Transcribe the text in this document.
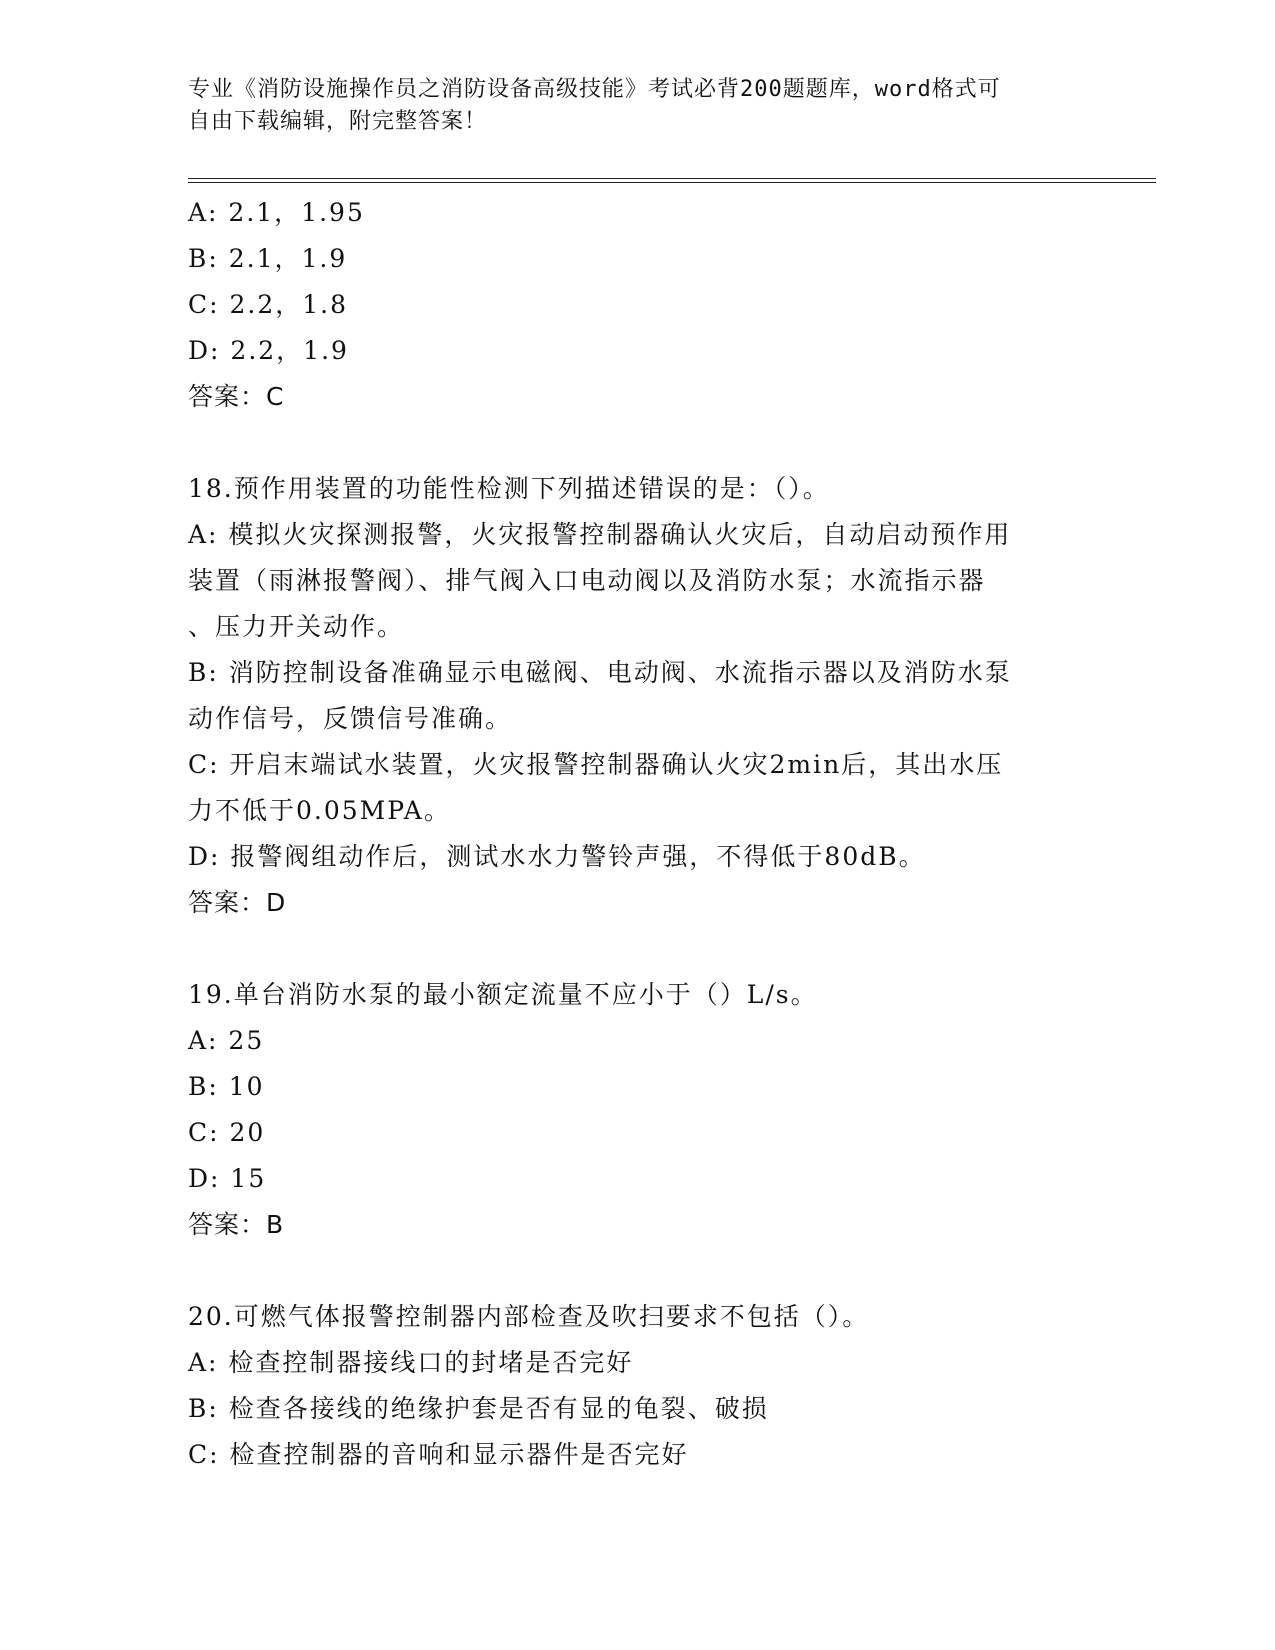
专业《消防设施操作员之消防设备高级技能》考试必背200题题库，word格式可
自由下载编辑，附完整答案！
A: 2.1，1.95
B: 2.1，1.9
C: 2.2，1.8
D: 2.2，1.9
答案：C
18.预作用装置的功能性检测下列描述错误的是：（）。
A: 模拟火灾探测报警，火灾报警控制器确认火灾后，自动启动预作用
装置（雨淋报警阀）、排气阀入口电动阀以及消防水泵；水流指示器
、压力开关动作。
B: 消防控制设备准确显示电磁阀、电动阀、水流指示器以及消防水泵
动作信号，反馈信号准确。
C: 开启末端试水装置，火灾报警控制器确认火灾2min后，其出水压
力不低于0.05MPA。
D: 报警阀组动作后，测试水水力警铃声强，不得低于80dB。
答案：D
19.单台消防水泵的最小额定流量不应小于（）L/s。
A: 25
B: 10
C: 20
D: 15
答案：B
20.可燃气体报警控制器内部检查及吹扫要求不包括（）。
A: 检查控制器接线口的封堵是否完好
B: 检查各接线的绝缘护套是否有显的龟裂、破损
C: 检查控制器的音响和显示器件是否完好
